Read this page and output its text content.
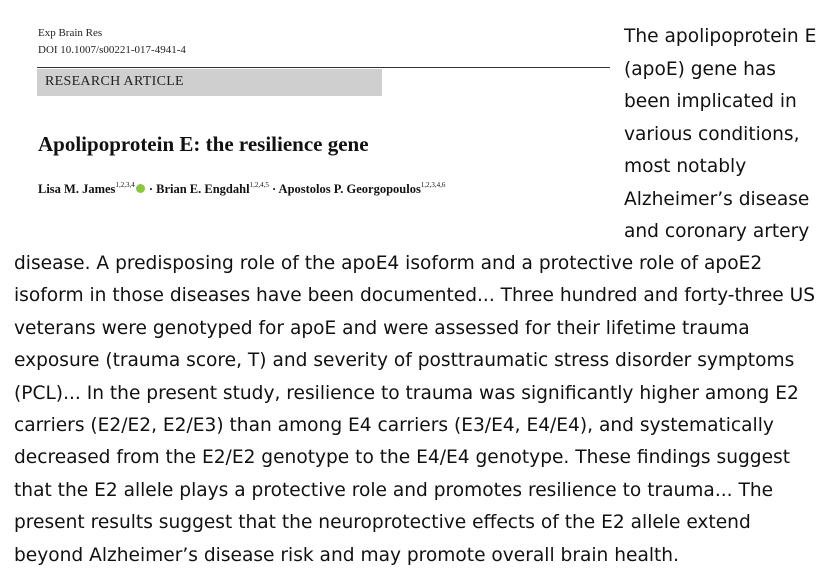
Exp Brain Res
DOI 10.1007/s00221-017-4941-4
RESEARCH ARTICLE
Apolipoprotein E: the resilience gene
Lisa M. James$^{1,2,3,4}$ · Brian E. Engdahl$^{1,2,4,5}$ · Apostolos P. Georgopoulos$^{1,2,3,4,6}$
The apolipoprotein E
(apoE) gene has
been implicated in
various conditions,
most notably
Alzheimer’s disease
and coronary artery
disease. A predisposing role of the apoE4 isoform and a protective role of apoE2
isoform in those diseases have been documented... Three hundred and forty-three US
veterans were genotyped for apoE and were assessed for their lifetime trauma
exposure (trauma score, T) and severity of posttraumatic stress disorder symptoms
(PCL)... In the present study, resilience to trauma was significantly higher among E2
carriers (E2/E2, E2/E3) than among E4 carriers (E3/E4, E4/E4), and systematically
decreased from the E2/E2 genotype to the E4/E4 genotype. These findings suggest
that the E2 allele plays a protective role and promotes resilience to trauma... The
present results suggest that the neuroprotective effects of the E2 allele extend
beyond Alzheimer’s disease risk and may promote overall brain health.
